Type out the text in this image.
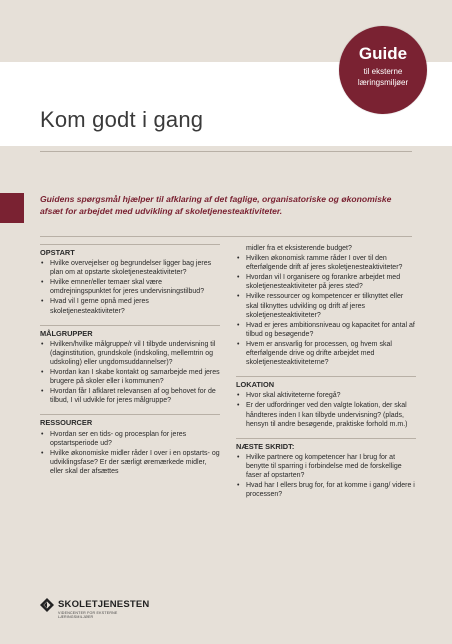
Kom godt i gang
Guide
til eksterne
læringsmiljøer
Guidens spørgsmål hjælper til afklaring af det faglige, organisatoriske og økonomiske afsæt for arbejdet med udvikling af skoletjenesteaktiviteter.
OPSTART
• Hvilke overvejelser og begrundelser ligger bag jeres plan om at opstarte skoletjenesteaktiviteter?
• Hvilke emner/eller temaer skal være omdrejningspunktet for jeres undervisningstilbud?
• Hvad vil I gerne opnå med jeres skoletjenesteaktiviteter?
MÅLGRUPPER
• Hvilken/hvilke målgruppe/r vil I tilbyde undervisning til (daginstitution, grundskole (indskoling, mellemtrin og udskoling) eller ungdomsuddannelser)?
• Hvordan kan I skabe kontakt og samarbejde med jeres brugere på skoler eller i kommunen?
• Hvordan får I afklaret relevansen af og behovet for de tilbud, I vil udvikle for jeres målgruppe?
RESSOURCER
• Hvordan ser en tids- og procesplan for jeres opstartsperiode ud?
• Hvilke økonomiske midler råder I over i en opstarts- og udviklingsfase? Er der særligt øremærkede midler, eller skal der afsættes
midler fra et eksisterende budget?
• Hvilken økonomisk ramme råder I over til den efterfølgende drift af jeres skoletjenesteaktiviteter?
• Hvordan vil I organisere og forankre arbejdet med skoletjenesteaktiviteter på jeres sted?
• Hvilke ressourcer og kompetencer er tilknyttet eller skal tilknyttes udvikling og drift af jeres skoletjenesteaktiviteter?
• Hvad er jeres ambitionsniveau og kapacitet for antal af tilbud og besøgende?
• Hvem er ansvarlig for processen, og hvem skal efterfølgende drive og drifte arbejdet med skoletjenesteaktiviteterne?
LOKATION
• Hvor skal aktiviteterne foregå?
• Er der udfordringer ved den valgte lokation, der skal håndteres inden I kan tilbyde undervisning? (plads, hensyn til andre besøgende, praktiske forhold m.m.)
NÆSTE SKRIDT:
• Hvilke partnere og kompetencer har I brug for at benytte til sparring i forbindelse med de forskellige faser af opstarten?
• Hvad har I ellers brug for, for at komme i gang/ videre i processen?
SKOLETJENESTEN
VIDENCENTER FOR EKSTERNE LÆRINGSMILJØER
